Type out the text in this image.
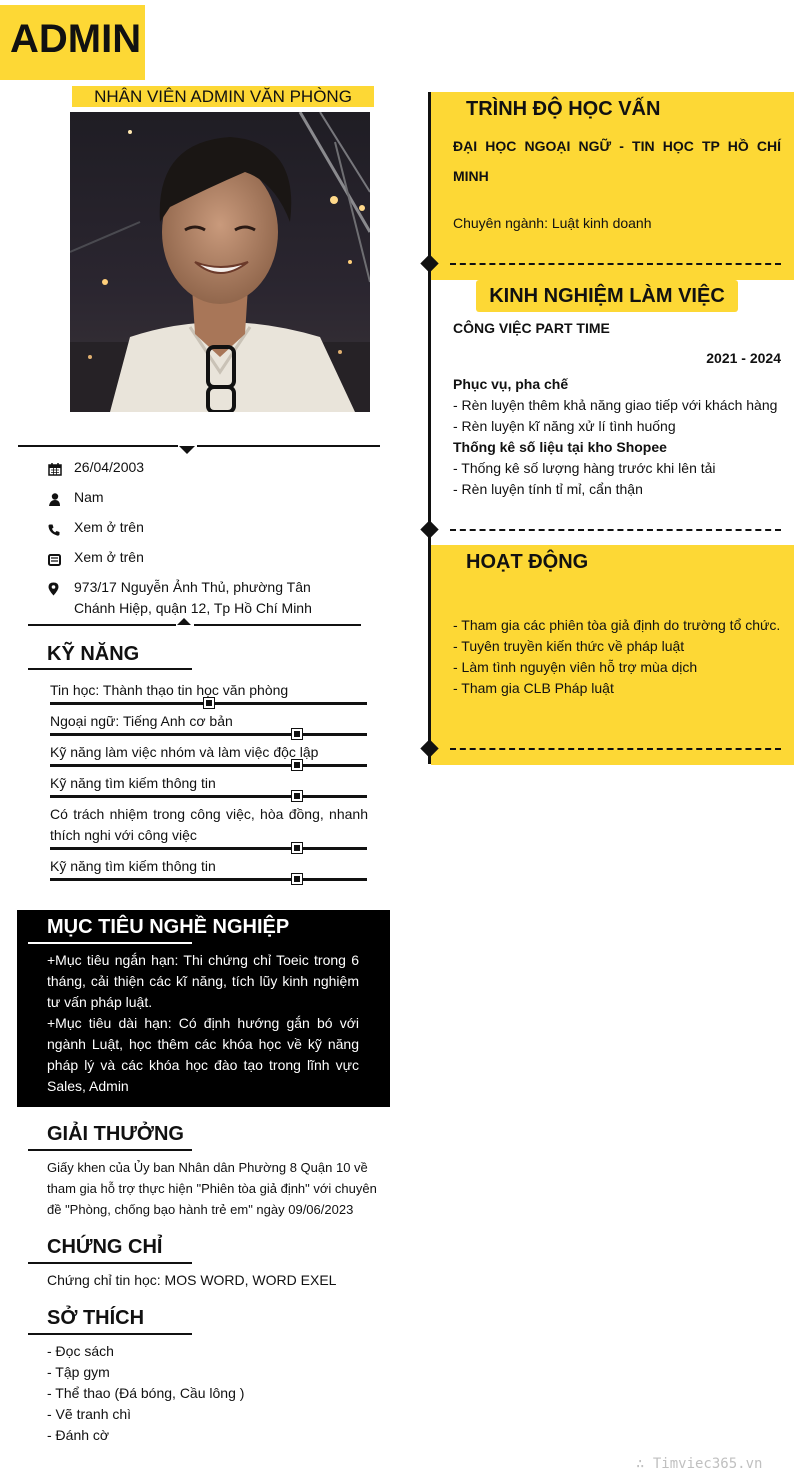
ADMIN
NHÂN VIÊN ADMIN VĂN PHÒNG
26/04/2003
Nam
Xem ở trên
Xem ở trên
973/17 Nguyễn Ảnh Thủ, phường Tân Chánh Hiệp, quận 12, Tp Hồ Chí Minh
KỸ NĂNG
Tin học: Thành thạo tin học văn phòng
Ngoại ngữ: Tiếng Anh cơ bản
Kỹ năng làm việc nhóm và làm việc độc lập
Kỹ năng tìm kiếm thông tin
Có trách nhiệm trong công việc, hòa đồng, nhanh thích nghi với công việc
Kỹ năng tìm kiếm thông tin
MỤC TIÊU NGHỀ NGHIỆP
+Mục tiêu ngắn hạn: Thi chứng chỉ Toeic trong 6 tháng, cải thiện các kĩ năng, tích lũy kinh nghiệm tư vấn pháp luật.
+Mục tiêu dài hạn: Có định hướng gắn bó với ngành Luật, học thêm các khóa học về kỹ năng pháp lý và các khóa học đào tạo trong lĩnh vực Sales, Admin
GIẢI THƯỞNG
Giấy khen của Ủy ban Nhân dân Phường 8 Quận 10 về tham gia hỗ trợ thực hiện "Phiên tòa giả định" với chuyên đề "Phòng, chống bạo hành trẻ em" ngày 09/06/2023
CHỨNG CHỈ
Chứng chỉ tin học: MOS WORD, WORD EXEL
SỞ THÍCH
- Đọc sách
- Tập gym
- Thể thao (Đá bóng, Cầu lông )
- Vẽ tranh chì
- Đánh cờ
TRÌNH ĐỘ HỌC VẤN
ĐẠI HỌC NGOẠI NGỮ - TIN HỌC TP HỒ CHÍ MINH
Chuyên ngành: Luật kinh doanh
KINH NGHIỆM LÀM VIỆC
CÔNG VIỆC PART TIME
2021 - 2024
Phục vụ, pha chế
- Rèn luyện thêm khả năng giao tiếp với khách hàng
- Rèn luyện kĩ năng xử lí tình huống
Thống kê số liệu tại kho Shopee
- Thống kê số lượng hàng trước khi lên tải
- Rèn luyện tính tỉ mỉ, cẩn thận
HOẠT ĐỘNG
- Tham gia các phiên tòa giả định do trường tổ chức.
- Tuyên truyền kiến thức về pháp luật
- Làm tình nguyện viên hỗ trợ mùa dịch
- Tham gia CLB Pháp luật
∴ Timviec365.vn
